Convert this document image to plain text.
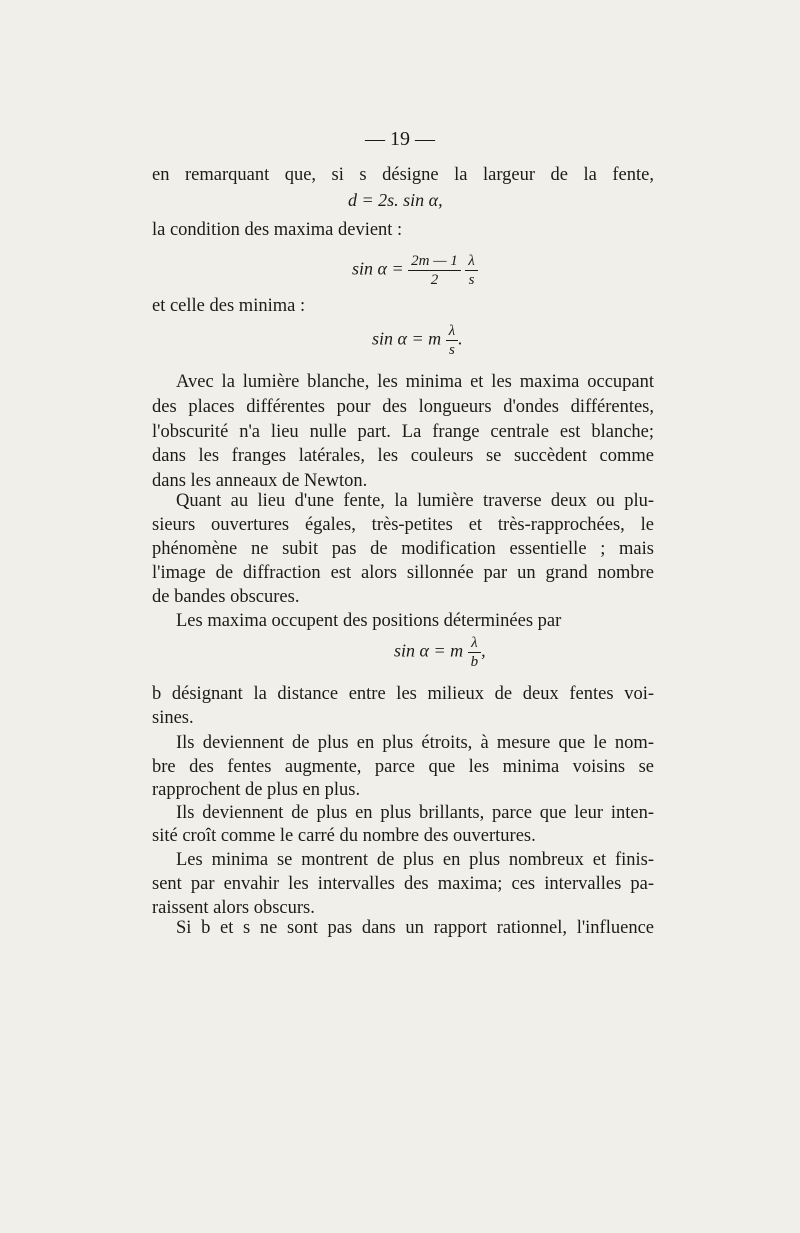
— 19 —
en remarquant que, si s désigne la largeur de la fente,
d = 2s. sin α,
la condition des maxima devient :
$\sin \alpha = \frac{2m — 1}{2}$
$\frac{\lambda}{s}$
et celle des minima :
sin α = m $\frac{\lambda}{s}$ .
Avec la lumière blanche, les minima et les maxima occupant
des places différentes pour des longueurs d'ondes différentes,
l'obscurité n'a lieu nulle part. La frange centrale est blanche;
dans les franges latérales, les couleurs se succèdent comme
dans les anneaux de Newton.
Quant au lieu d'une fente, la lumière traverse deux ou plu-
sieurs ouvertures égales, très-petites et très-rapprochées, le
phénomène ne subit pas de modification essentielle ; mais
l'image de diffraction est alors sillonnée par un grand nombre
de bandes obscures.
Les maxima occupent des positions déterminées par
sin α = m $\frac{\lambda}{b}$ ,
b désignant la distance entre les milieux de deux fentes voi-
sines.
Ils deviennent de plus en plus étroits, à mesure que le nom-
bre des fentes augmente, parce que les minima voisins se
rapprochent de plus en plus.
Ils deviennent de plus en plus brillants, parce que leur inten-
sité croît comme le carré du nombre des ouvertures.
Les minima se montrent de plus en plus nombreux et finis-
sent par envahir les intervalles des maxima; ces intervalles pa-
raissent alors obscurs.
Si b et s ne sont pas dans un rapport rationnel, l'influence
